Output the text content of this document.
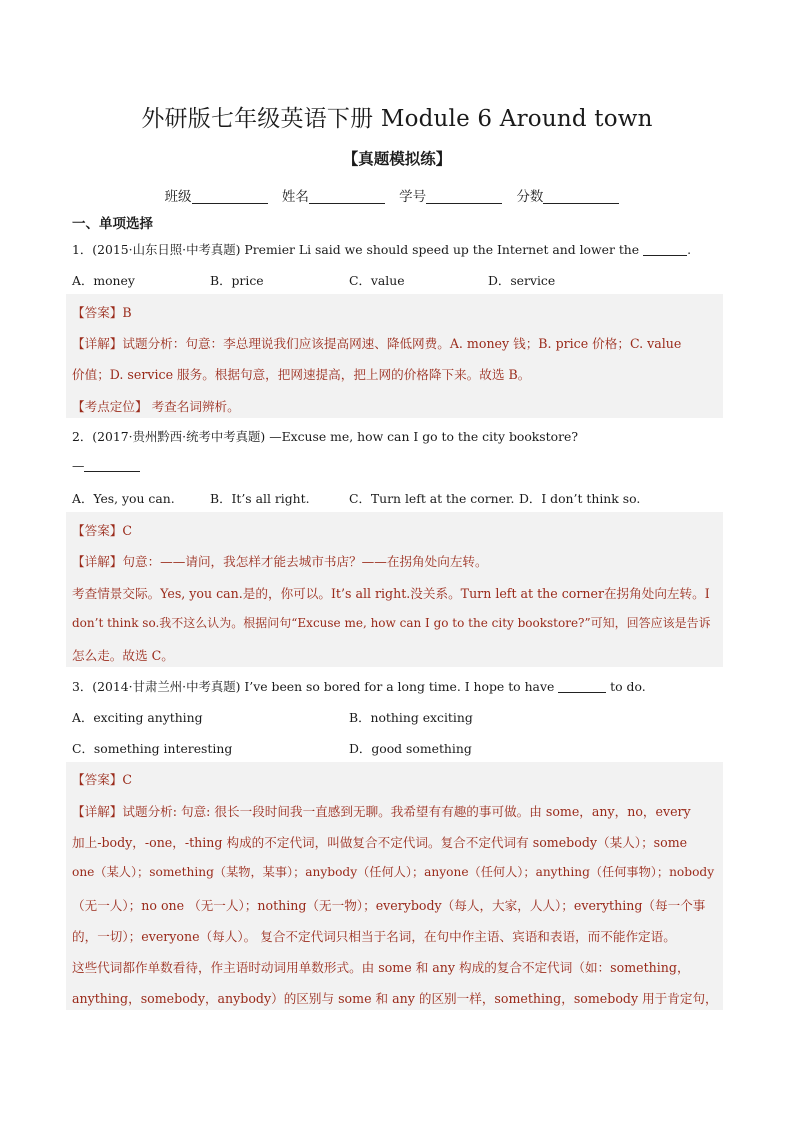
外研版七年级英语下册 Module 6 Around town
【真题模拟练】
班级	姓名	学号	分数
一、单项选择
1．(2015·山东日照·中考真题) Premier Li said we should speed up the Internet and lower the	.
A．money	B．price	C．value	D．service
【答案】B
【详解】试题分析：句意：李总理说我们应该提高网速、降低网费。A. money 钱；B. price 价格；C. value
价值；D. service 服务。根据句意，把网速提高，把上网的价格降下来。故选 B。
【考点定位】 考查名词辨析。
2．(2017·贵州黔西·统考中考真题) —Excuse me, how can I go to the city bookstore?
—
A．Yes, you can.	B．It’s all right.	C．Turn left at the corner. D．I don’t think so.
【答案】C
【详解】句意：——请问，我怎样才能去城市书店？——在拐角处向左转。
考查情景交际。Yes, you can.是的，你可以。It’s all right.没关系。Turn left at the corner在拐角处向左转。I
don’t think so.我不这么认为。根据问句“Excuse me, how can I go to the city bookstore?”可知，回答应该是告诉
怎么走。故选 C。
3．(2014·甘肃兰州·中考真题) I’ve been so bored for a long time. I hope to have	to do.
A．exciting anything	B．nothing exciting
C．something interesting	D．good something
【答案】C
【详解】试题分析: 句意: 很长一段时间我一直感到无聊。我希望有有趣的事可做。由 some，any，no，every
加上-body，-one，-thing 构成的不定代词，叫做复合不定代词。复合不定代词有 somebody（某人）；some
one（某人）；something（某物，某事）；anybody（任何人）；anyone（任何人）；anything（任何事物）；nobody
（无一人）；no one （无一人）；nothing（无一物）；everybody（每人，大家，人人）；everything（每一个事
的，一切）；everyone（每人）。 复合不定代词只相当于名词，在句中作主语、宾语和表语，而不能作定语。
这些代词都作单数看待，作主语时动词用单数形式。由 some 和 any 构成的复合不定代词（如：something，
anything，somebody，anybody）的区别与 some 和 any 的区别一样，something，somebody 用于肯定句，
